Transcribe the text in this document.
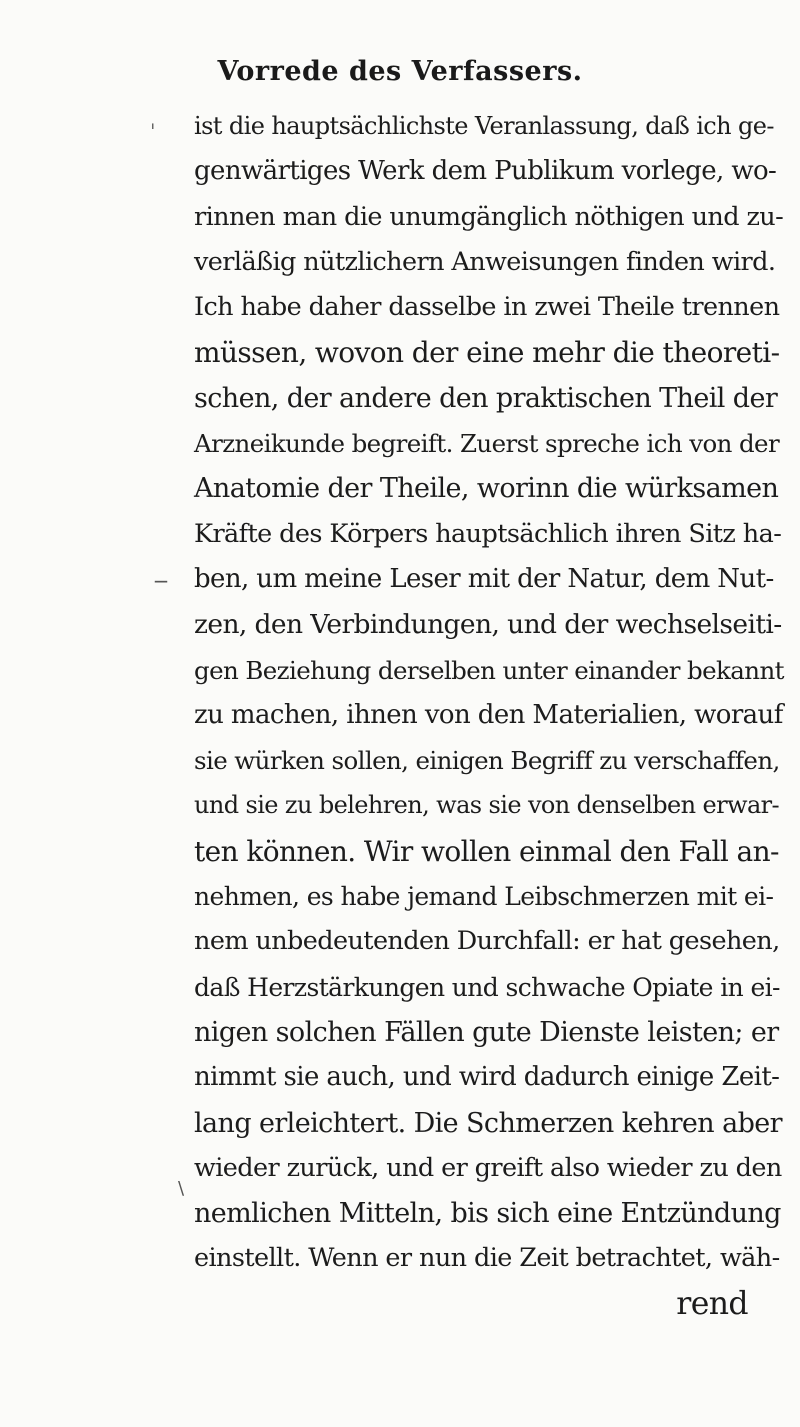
Vorrede des Verfassers.
ˈ
_
\
ist die hauptsächlichste Veranlassung, daß ich ge-
genwärtiges Werk dem Publikum vorlege, wo-
rinnen man die unumgänglich nöthigen und zu-
verläßig nützlichern Anweisungen finden wird.
Ich habe daher dasselbe in zwei Theile trennen
müssen, wovon der eine mehr die theoreti-
schen, der andere den praktischen Theil der
Arzneikunde begreift. Zuerst spreche ich von der
Anatomie der Theile, worinn die würksamen
Kräfte des Körpers hauptsächlich ihren Sitz ha-
ben, um meine Leser mit der Natur, dem Nut-
zen, den Verbindungen, und der wechselseiti-
gen Beziehung derselben unter einander bekannt
zu machen, ihnen von den Materialien, worauf
sie würken sollen, einigen Begriff zu verschaffen,
und sie zu belehren, was sie von denselben erwar-
ten können. Wir wollen einmal den Fall an-
nehmen, es habe jemand Leibschmerzen mit ei-
nem unbedeutenden Durchfall: er hat gesehen,
daß Herzstärkungen und schwache Opiate in ei-
nigen solchen Fällen gute Dienste leisten; er
nimmt sie auch, und wird dadurch einige Zeit-
lang erleichtert. Die Schmerzen kehren aber
wieder zurück, und er greift also wieder zu den
nemlichen Mitteln, bis sich eine Entzündung
einstellt. Wenn er nun die Zeit betrachtet, wäh-
rend
